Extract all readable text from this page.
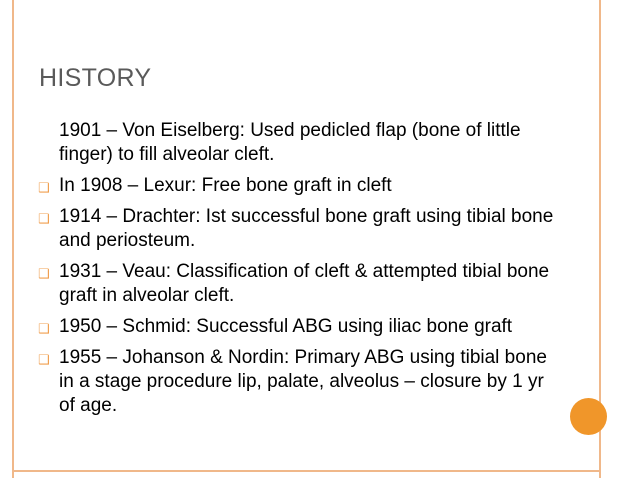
HISTORY
1901 – Von Eiselberg: Used pedicled flap (bone of little finger) to fill alveolar cleft.
❑ In 1908 – Lexur: Free bone graft in cleft
❑ 1914 – Drachter: Ist successful bone graft using tibial bone and periosteum.
❑ 1931 – Veau: Classification of cleft & attempted tibial bone graft in alveolar cleft.
❑ 1950 – Schmid: Successful ABG using iliac bone graft
❑ 1955 – Johanson & Nordin: Primary ABG using tibial bone in a stage procedure lip, palate, alveolus – closure by 1 yr of age.
